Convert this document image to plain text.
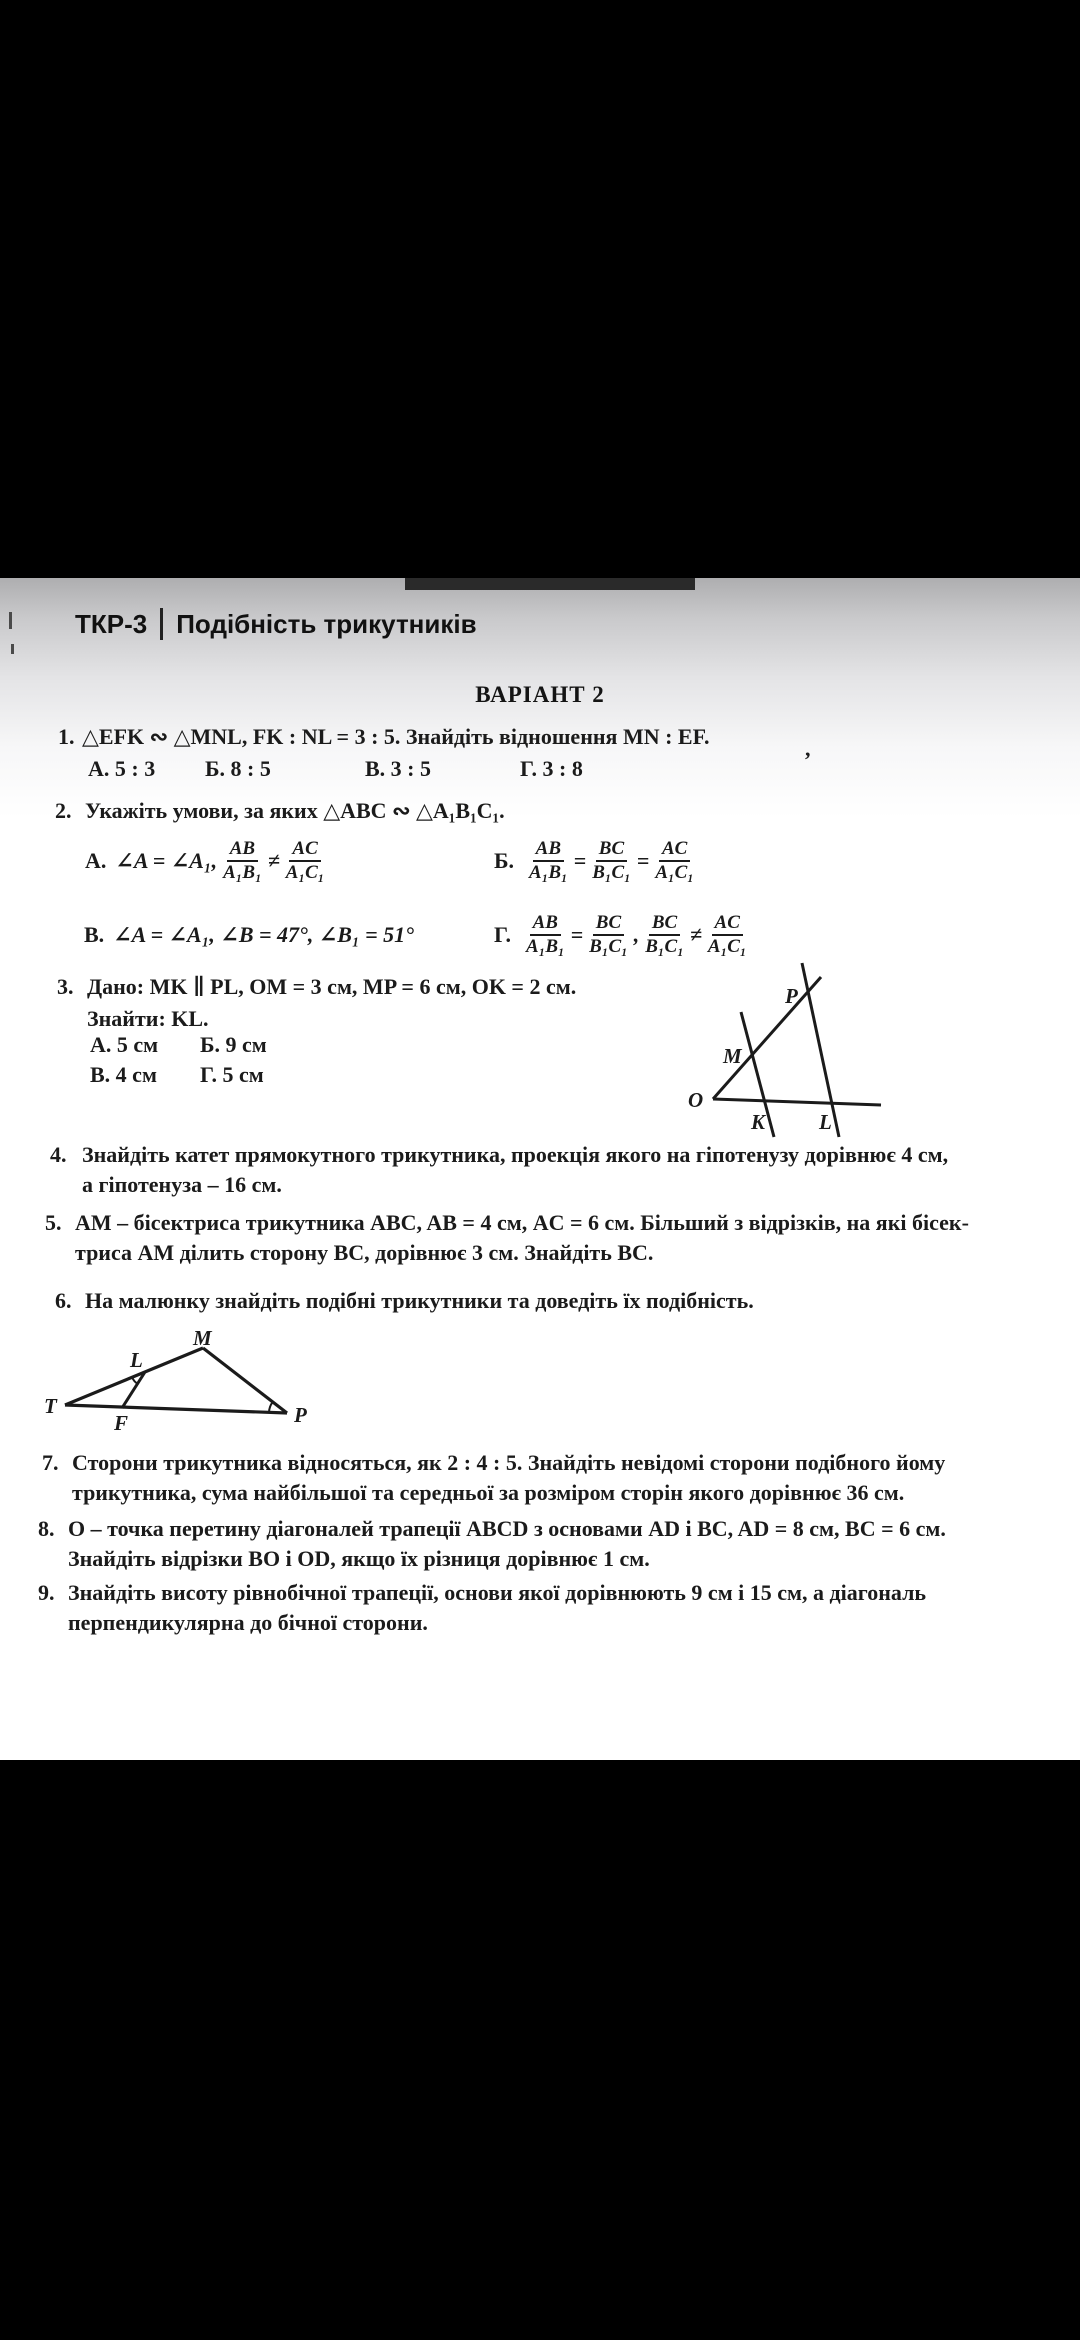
ТКР-3 Подібність трикутників
ВАРІАНТ 2
1. △EFK ∾ △MNL, FK : NL = 3 : 5. Знайдіть відношення MN : EF.	,
А. 5 : 3 Б. 8 : 5	В. 3 : 5	Г. 3 : 8
2. Укажіть умови, за яких △ABC ∾ △A₁B₁C₁.
А. ∠A = ∠A₁, $\frac{AB}{\text{A₁B₁}} \ne \frac{AC}{\text{A₁C₁}}$	Б. $\frac{AB}{\text{A₁B₁}} = \frac{BC}{\text{B₁C₁}} = \frac{AC}{\text{A₁C₁}}$
В. ∠A = ∠A₁, ∠B = 47°, ∠B₁ = 51°	Г. $\frac{AB}{\text{A₁B₁}} = \frac{BC}{\text{B₁C₁}}$ , $\frac{BC}{\text{B₁C₁}} \ne \frac{AC}{\text{A₁C₁}}$
3. Дано: MK ∥ PL, OM = 3 см, MP = 6 см, OK = 2 см.
Знайти: KL.
А. 5 см Б. 9 см
В. 4 см Г. 5 см
P
M
O
K	L
4. Знайдіть катет прямокутного трикутника, проекція якого на гіпотенузу дорівнює 4 см,
а гіпотенуза – 16 см.
5. AM – бісектриса трикутника ABC, AB = 4 см, AC = 6 см. Більший з відрізків, на які бісек-
триса AM ділить сторону BC, дорівнює 3 см. Знайдіть BC.
6. На малюнку знайдіть подібні трикутники та доведіть їх подібність.
T
M
L
F	P
7. Сторони трикутника відносяться, як 2 : 4 : 5. Знайдіть невідомі сторони подібного йому
трикутника, сума найбільшої та середньої за розміром сторін якого дорівнює 36 см.
8. O – точка перетину діагоналей трапеції ABCD з основами AD і BC, AD = 8 см, BC = 6 см.
Знайдіть відрізки BO і OD, якщо їх різниця дорівнює 1 см.
9. Знайдіть висоту рівнобічної трапеції, основи якої дорівнюють 9 см і 15 см, а діагональ
перпендикулярна до бічної сторони.
